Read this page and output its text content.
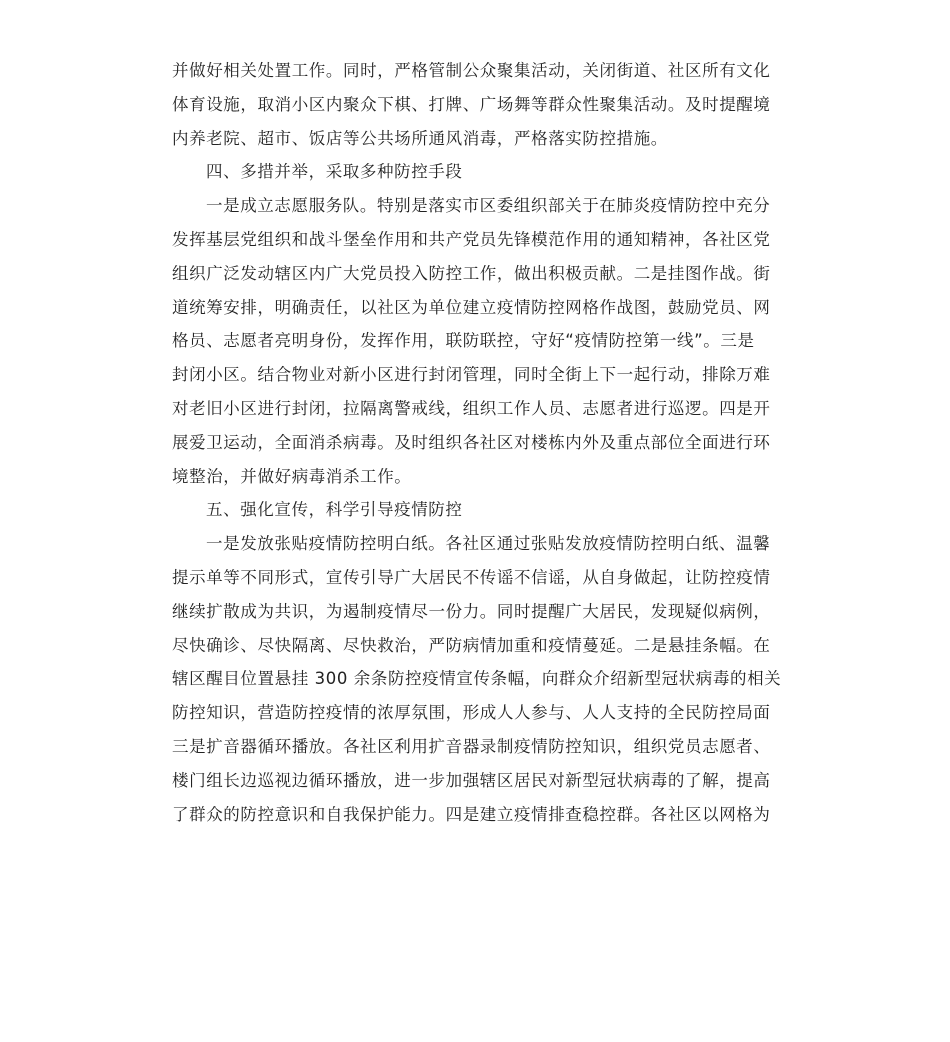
并做好相关处置工作。同时，严格管制公众聚集活动，关闭街道、社区所有文化
体育设施，取消小区内聚众下棋、打牌、广场舞等群众性聚集活动。及时提醒境
内养老院、超市、饭店等公共场所通风消毒，严格落实防控措施。
四、多措并举，采取多种防控手段
一是成立志愿服务队。特别是落实市区委组织部关于在肺炎疫情防控中充分
发挥基层党组织和战斗堡垒作用和共产党员先锋模范作用的通知精神，各社区党
组织广泛发动辖区内广大党员投入防控工作，做出积极贡献。二是挂图作战。街
道统筹安排，明确责任，以社区为单位建立疫情防控网格作战图，鼓励党员、网
格员、志愿者亮明身份，发挥作用，联防联控，守好“疫情防控第一线”。三是
封闭小区。结合物业对新小区进行封闭管理，同时全街上下一起行动，排除万难
对老旧小区进行封闭，拉隔离警戒线，组织工作人员、志愿者进行巡逻。四是开
展爱卫运动，全面消杀病毒。及时组织各社区对楼栋内外及重点部位全面进行环
境整治，并做好病毒消杀工作。
五、强化宣传，科学引导疫情防控
一是发放张贴疫情防控明白纸。各社区通过张贴发放疫情防控明白纸、温馨
提示单等不同形式，宣传引导广大居民不传谣不信谣，从自身做起，让防控疫情
继续扩散成为共识，为遏制疫情尽一份力。同时提醒广大居民，发现疑似病例，
尽快确诊、尽快隔离、尽快救治，严防病情加重和疫情蔓延。二是悬挂条幅。在
辖区醒目位置悬挂 300 余条防控疫情宣传条幅，向群众介绍新型冠状病毒的相关
防控知识，营造防控疫情的浓厚氛围，形成人人参与、人人支持的全民防控局面
三是扩音器循环播放。各社区利用扩音器录制疫情防控知识，组织党员志愿者、
楼门组长边巡视边循环播放，进一步加强辖区居民对新型冠状病毒的了解，提高
了群众的防控意识和自我保护能力。四是建立疫情排查稳控群。各社区以网格为
